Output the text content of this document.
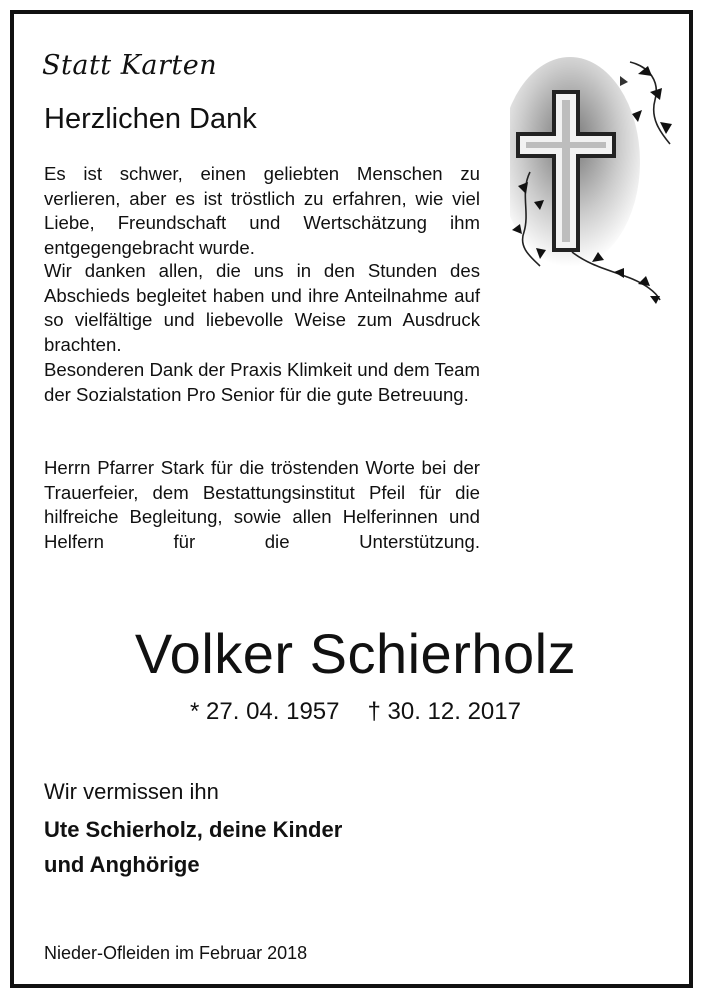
Statt Karten

Herzlichen Dank

Es ist schwer, einen geliebten Menschen zu verlieren, aber es ist tröstlich zu erfahren, wie viel Liebe, Freundschaft und Wertschätzung ihm entgegengebracht wurde.

Wir danken allen, die uns in den Stunden des Abschieds begleitet haben und ihre Anteilnahme auf so vielfältige und liebevolle Weise zum Ausdruck brachten.

Besonderen Dank der Praxis Klimkeit und dem Team der Sozialstation Pro Senior für die gute Betreuung.

Herrn Pfarrer Stark für die tröstenden Worte bei der Trauerfeier, dem Bestattungsinstitut Pfeil für die hilfreiche Begleitung, sowie allen Helferinnen und Helfern für die Unterstützung.

Volker Schierholz

* 27. 04. 1957 † 30. 12. 2017

Wir vermissen ihn

Ute Schierholz, deine Kinder
und Anghörige

Nieder-Ofleiden im Februar 2018
